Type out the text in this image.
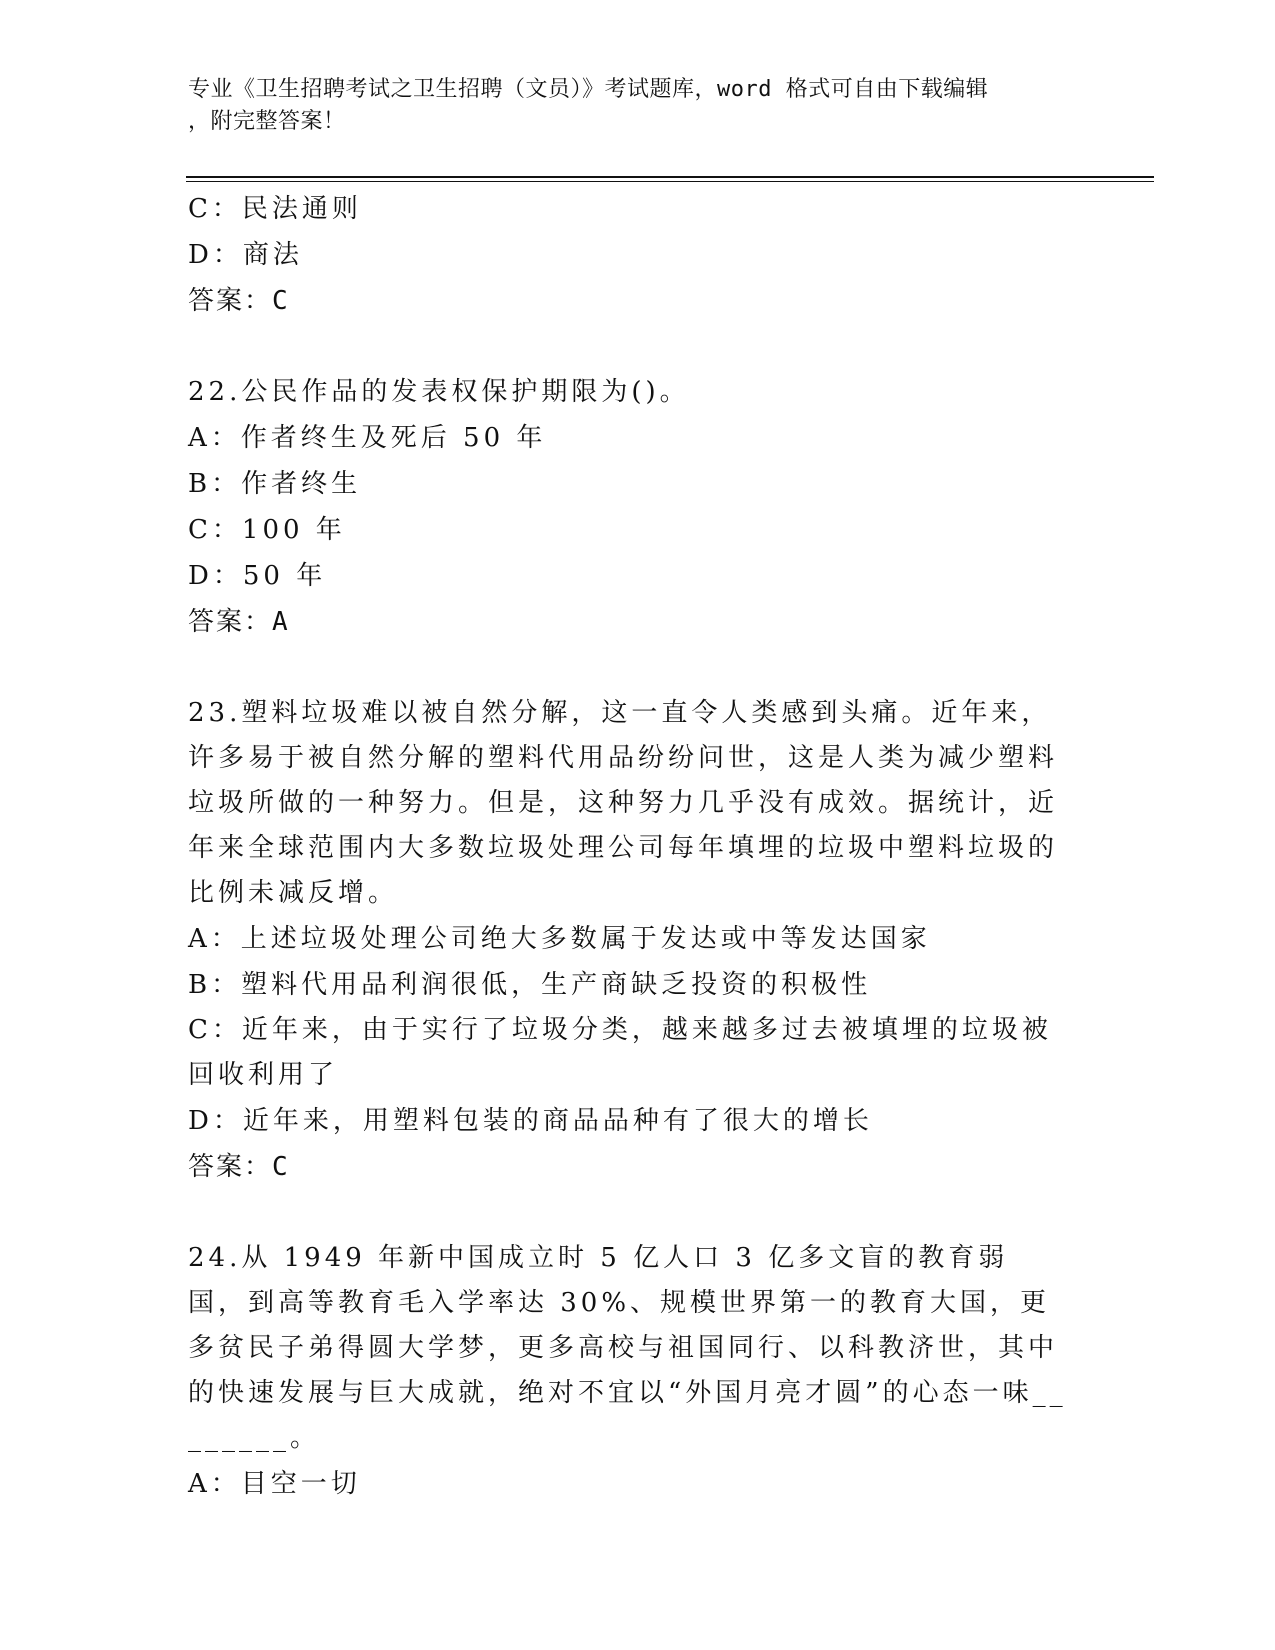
专业《卫生招聘考试之卫生招聘（文员）》考试题库，word 格式可自由下载编辑
，附完整答案！
C：民法通则
D：商法
答案：C
22.公民作品的发表权保护期限为()。
A：作者终生及死后 50 年
B：作者终生
C：100 年
D：50 年
答案：A
23.塑料垃圾难以被自然分解，这一直令人类感到头痛。近年来，许多易于被自然分解的塑料代用品纷纷问世，这是人类为减少塑料垃圾所做的一种努力。但是，这种努力几乎没有成效。据统计，近年来全球范围内大多数垃圾处理公司每年填埋的垃圾中塑料垃圾的比例未减反增。
A：上述垃圾处理公司绝大多数属于发达或中等发达国家
B：塑料代用品利润很低，生产商缺乏投资的积极性
C：近年来，由于实行了垃圾分类，越来越多过去被填埋的垃圾被回收利用了
D：近年来，用塑料包装的商品品种有了很大的增长
答案：C
24.从 1949 年新中国成立时 5 亿人口 3 亿多文盲的教育弱国，到高等教育毛入学率达 30%、规模世界第一的教育大国，更多贫民子弟得圆大学梦，更多高校与祖国同行、以科教济世，其中的快速发展与巨大成就，绝对不宜以“外国月亮才圆”的心态一味________。
A：目空一切
